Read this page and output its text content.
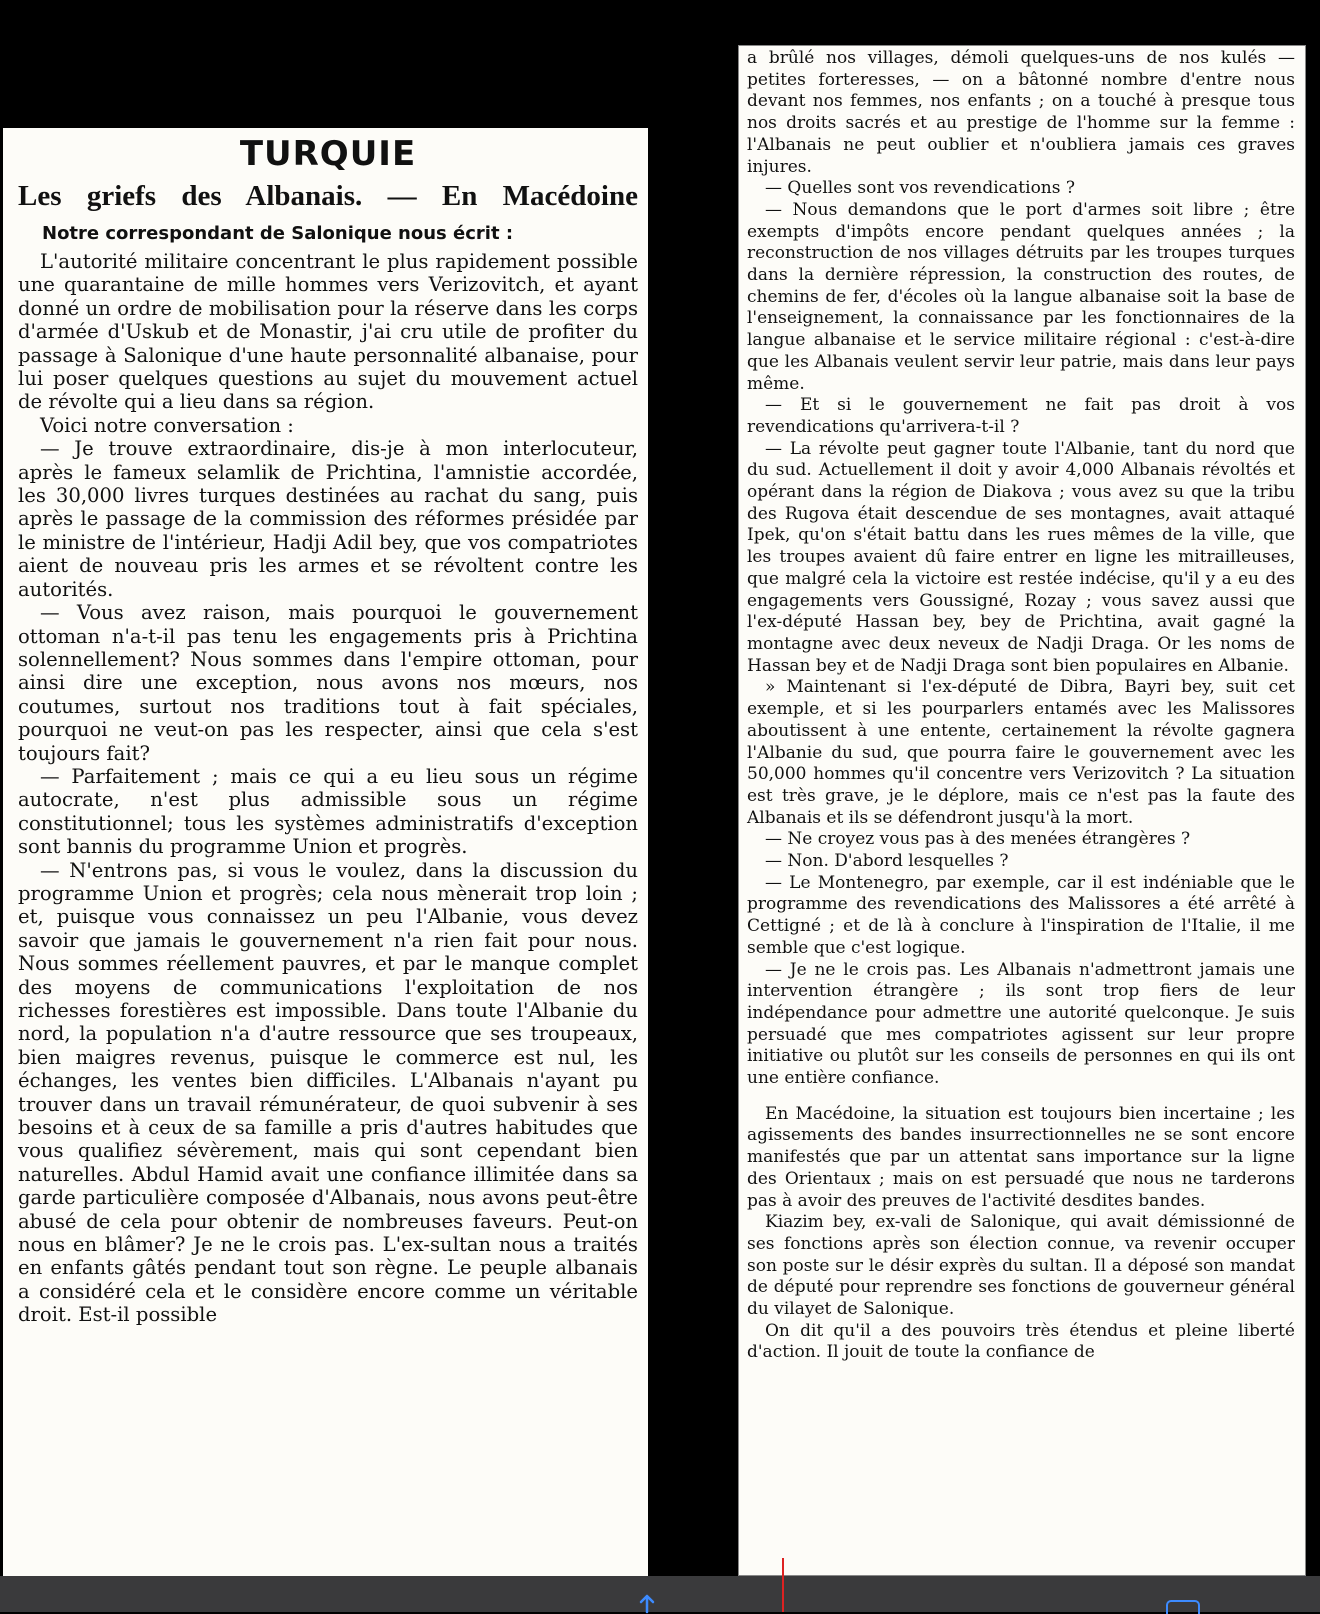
TURQUIE
Les griefs des Albanais. — En Macédoine
Notre correspondant de Salonique nous écrit :

L'autorité militaire concentrant le plus rapidement possible une quarantaine de mille hommes vers Verizovitch, et ayant donné un ordre de mobilisation pour la réserve dans les corps d'armée d'Uskub et de Monastir, j'ai cru utile de profiter du passage à Salonique d'une haute personnalité albanaise, pour lui poser quelques questions au sujet du mouvement actuel de révolte qui a lieu dans sa région.

Voici notre conversation :

— Je trouve extraordinaire, dis-je à mon interlocuteur, après le fameux selamlik de Prichtina, l'amnistie accordée, les 30,000 livres turques destinées au rachat du sang, puis après le passage de la commission des réformes présidée par le ministre de l'intérieur, Hadji Adil bey, que vos compatriotes aient de nouveau pris les armes et se révoltent contre les autorités.

— Vous avez raison, mais pourquoi le gouvernement ottoman n'a-t-il pas tenu les engagements pris à Prichtina solennellement? Nous sommes dans l'empire ottoman, pour ainsi dire une exception, nous avons nos mœurs, nos coutumes, surtout nos traditions tout à fait spéciales, pourquoi ne veut-on pas les respecter, ainsi que cela s'est toujours fait?

— Parfaitement ; mais ce qui a eu lieu sous un régime autocrate, n'est plus admissible sous un régime constitutionnel; tous les systèmes administratifs d'exception sont bannis du programme Union et progrès.

— N'entrons pas, si vous le voulez, dans la discussion du programme Union et progrès; cela nous mènerait trop loin ; et, puisque vous connaissez un peu l'Albanie, vous devez savoir que jamais le gouvernement n'a rien fait pour nous. Nous sommes réellement pauvres, et par le manque complet des moyens de communications l'exploitation de nos richesses forestières est impossible. Dans toute l'Albanie du nord, la population n'a d'autre ressource que ses troupeaux, bien maigres revenus, puisque le commerce est nul, les échanges, les ventes bien difficiles. L'Albanais n'ayant pu trouver dans un travail rémunérateur, de quoi subvenir à ses besoins et à ceux de sa famille a pris d'autres habitudes que vous qualifiez sévèrement, mais qui sont cependant bien naturelles. Abdul Hamid avait une confiance illimitée dans sa garde particulière composée d'Albanais, nous avons peut-être abusé de cela pour obtenir de nombreuses faveurs. Peut-on nous en blâmer? Je ne le crois pas. L'ex-sultan nous a traités en enfants gâtés pendant tout son règne. Le peuple albanais a considéré cela et le considère encore comme un véritable droit. Est-il possible

a brûlé nos villages, démoli quelques-uns de nos kulés — petites forteresses, — on a bâtonné nombre d'entre nous devant nos femmes, nos enfants ; on a touché à presque tous nos droits sacrés et au prestige de l'homme sur la femme : l'Albanais ne peut oublier et n'oubliera jamais ces graves injures.

— Quelles sont vos revendications ?

— Nous demandons que le port d'armes soit libre ; être exempts d'impôts encore pendant quelques années ; la reconstruction de nos villages détruits par les troupes turques dans la dernière répression, la construction des routes, de chemins de fer, d'écoles où la langue albanaise soit la base de l'enseignement, la connaissance par les fonctionnaires de la langue albanaise et le service militaire régional : c'est-à-dire que les Albanais veulent servir leur patrie, mais dans leur pays même.

— Et si le gouvernement ne fait pas droit à vos revendications qu'arrivera-t-il ?

— La révolte peut gagner toute l'Albanie, tant du nord que du sud. Actuellement il doit y avoir 4,000 Albanais révoltés et opérant dans la région de Diakova ; vous avez su que la tribu des Rugova était descendue de ses montagnes, avait attaqué Ipek, qu'on s'était battu dans les rues mêmes de la ville, que les troupes avaient dû faire entrer en ligne les mitrailleuses, que malgré cela la victoire est restée indécise, qu'il y a eu des engagements vers Goussigné, Rozay ; vous savez aussi que l'ex-député Hassan bey, bey de Prichtina, avait gagné la montagne avec deux neveux de Nadji Draga. Or les noms de Hassan bey et de Nadji Draga sont bien populaires en Albanie.

» Maintenant si l'ex-député de Dibra, Bayri bey, suit cet exemple, et si les pourparlers entamés avec les Malissores aboutissent à une entente, certainement la révolte gagnera l'Albanie du sud, que pourra faire le gouvernement avec les 50,000 hommes qu'il concentre vers Verizovitch ? La situation est très grave, je le déplore, mais ce n'est pas la faute des Albanais et ils se défendront jusqu'à la mort.

— Ne croyez vous pas à des menées étrangères ?

— Non. D'abord lesquelles ?

— Le Montenegro, par exemple, car il est indéniable que le programme des revendications des Malissores a été arrêté à Cettigné ; et de là à conclure à l'inspiration de l'Italie, il me semble que c'est logique.

— Je ne le crois pas. Les Albanais n'admettront jamais une intervention étrangère ; ils sont trop fiers de leur indépendance pour admettre une autorité quelconque. Je suis persuadé que mes compatriotes agissent sur leur propre initiative ou plutôt sur les conseils de personnes en qui ils ont une entière confiance.

En Macédoine, la situation est toujours bien incertaine ; les agissements des bandes insurrectionnelles ne se sont encore manifestés que par un attentat sans importance sur la ligne des Orientaux ; mais on est persuadé que nous ne tarderons pas à avoir des preuves de l'activité desdites bandes.

Kiazim bey, ex-vali de Salonique, qui avait démissionné de ses fonctions après son élection connue, va revenir occuper son poste sur le désir exprès du sultan. Il a déposé son mandat de député pour reprendre ses fonctions de gouverneur général du vilayet de Salonique.

On dit qu'il a des pouvoirs très étendus et pleine liberté d'action. Il jouit de toute la confiance de
